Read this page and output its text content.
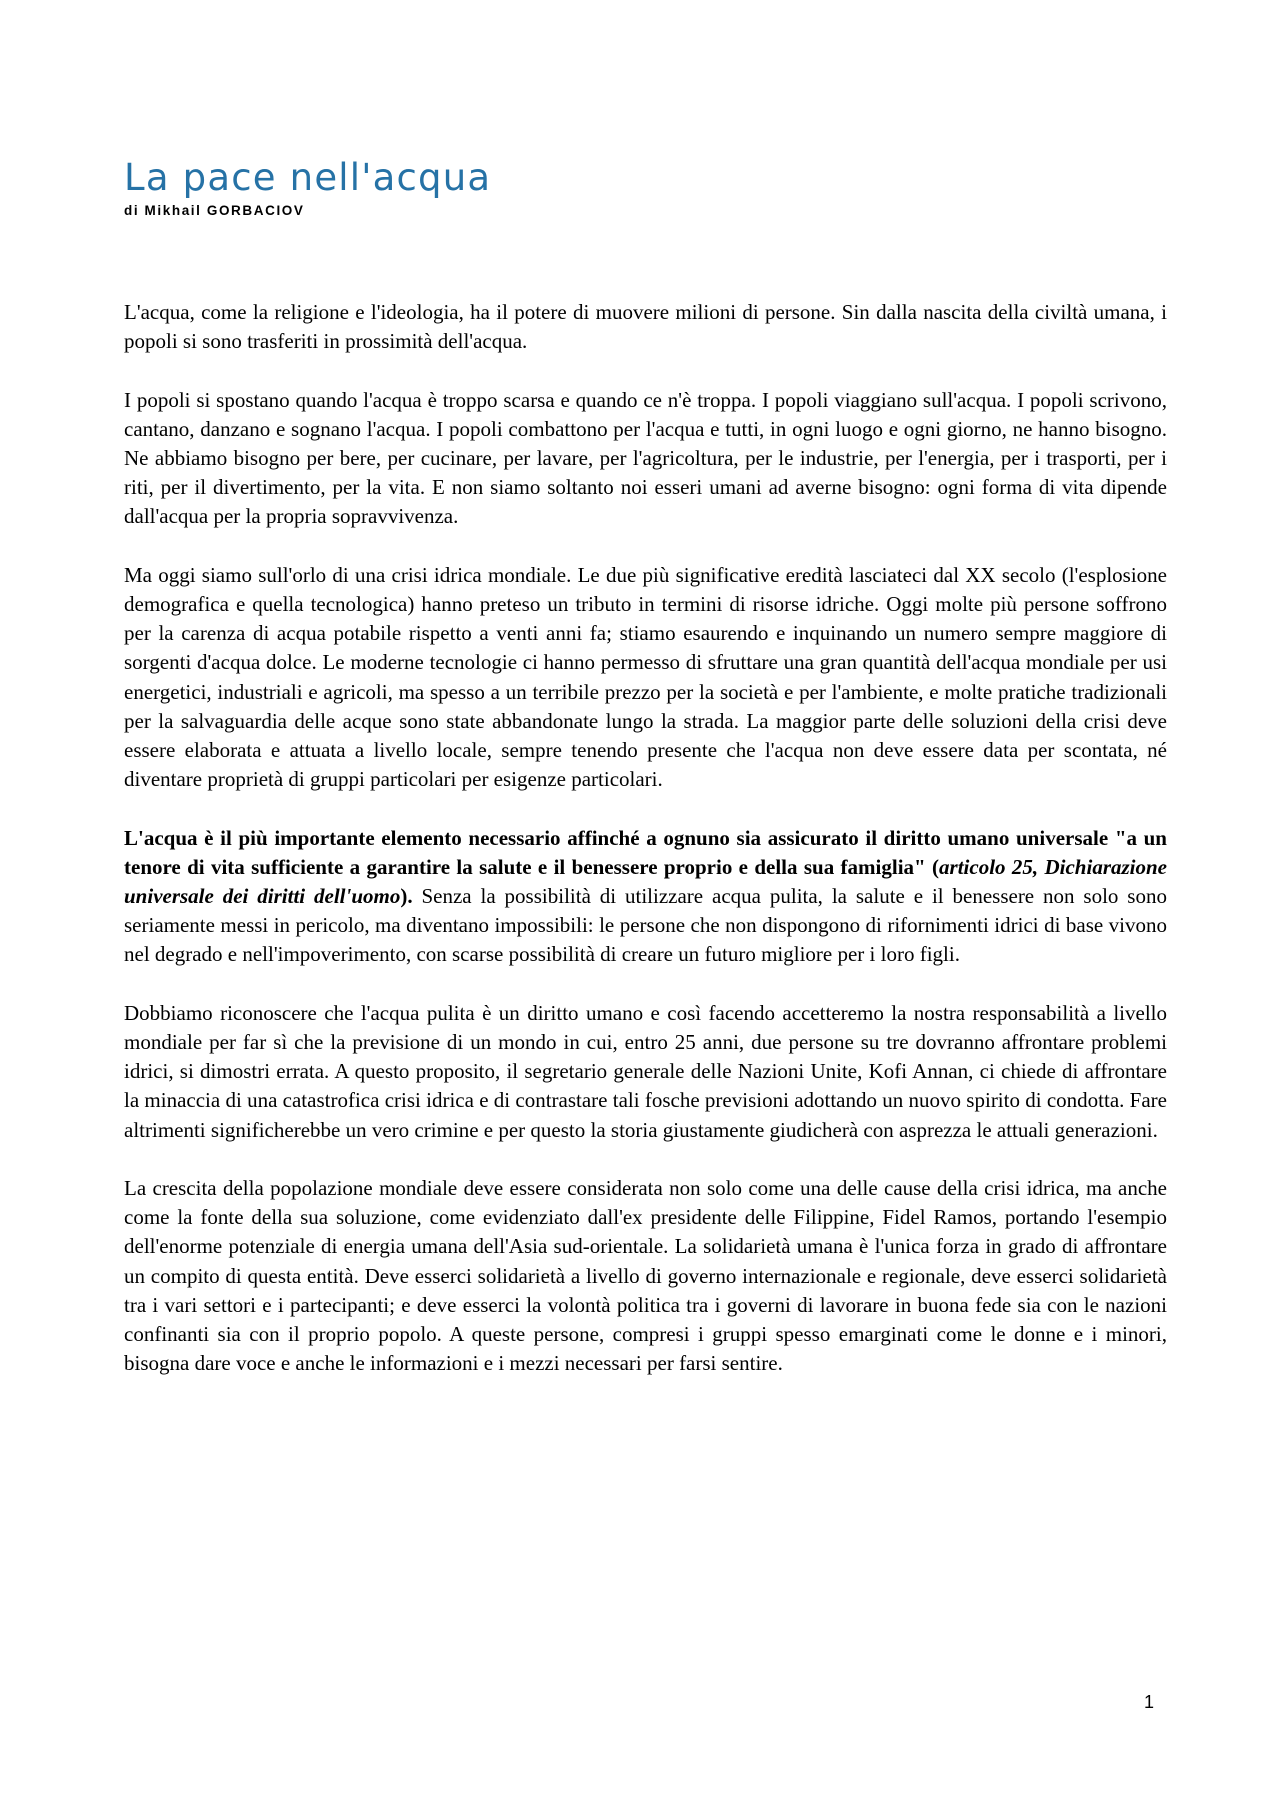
La pace nell'acqua
di Mikhail GORBACIOV

L'acqua, come la religione e l'ideologia, ha il potere di muovere milioni di persone. Sin dalla nascita della civiltà umana, i popoli si sono trasferiti in prossimità dell'acqua.

I popoli si spostano quando l'acqua è troppo scarsa e quando ce n'è troppa. I popoli viaggiano sull'acqua. I popoli scrivono, cantano, danzano e sognano l'acqua. I popoli combattono per l'acqua e tutti, in ogni luogo e ogni giorno, ne hanno bisogno. Ne abbiamo bisogno per bere, per cucinare, per lavare, per l'agricoltura, per le industrie, per l'energia, per i trasporti, per i riti, per il divertimento, per la vita. E non siamo soltanto noi esseri umani ad averne bisogno: ogni forma di vita dipende dall'acqua per la propria sopravvivenza.

Ma oggi siamo sull'orlo di una crisi idrica mondiale. Le due più significative eredità lasciateci dal XX secolo (l'esplosione demografica e quella tecnologica) hanno preteso un tributo in termini di risorse idriche. Oggi molte più persone soffrono per la carenza di acqua potabile rispetto a venti anni fa; stiamo esaurendo e inquinando un numero sempre maggiore di sorgenti d'acqua dolce. Le moderne tecnologie ci hanno permesso di sfruttare una gran quantità dell'acqua mondiale per usi energetici, industriali e agricoli, ma spesso a un terribile prezzo per la società e per l'ambiente, e molte pratiche tradizionali per la salvaguardia delle acque sono state abbandonate lungo la strada. La maggior parte delle soluzioni della crisi deve essere elaborata e attuata a livello locale, sempre tenendo presente che l'acqua non deve essere data per scontata, né diventare proprietà di gruppi particolari per esigenze particolari.

L'acqua è il più importante elemento necessario affinché a ognuno sia assicurato il diritto umano universale "a un tenore di vita sufficiente a garantire la salute e il benessere proprio e della sua famiglia" (articolo 25, Dichiarazione universale dei diritti dell'uomo). Senza la possibilità di utilizzare acqua pulita, la salute e il benessere non solo sono seriamente messi in pericolo, ma diventano impossibili: le persone che non dispongono di rifornimenti idrici di base vivono nel degrado e nell'impoverimento, con scarse possibilità di creare un futuro migliore per i loro figli.

Dobbiamo riconoscere che l'acqua pulita è un diritto umano e così facendo accetteremo la nostra responsabilità a livello mondiale per far sì che la previsione di un mondo in cui, entro 25 anni, due persone su tre dovranno affrontare problemi idrici, si dimostri errata. A questo proposito, il segretario generale delle Nazioni Unite, Kofi Annan, ci chiede di affrontare la minaccia di una catastrofica crisi idrica e di contrastare tali fosche previsioni adottando un nuovo spirito di condotta. Fare altrimenti significherebbe un vero crimine e per questo la storia giustamente giudicherà con asprezza le attuali generazioni.

La crescita della popolazione mondiale deve essere considerata non solo come una delle cause della crisi idrica, ma anche come la fonte della sua soluzione, come evidenziato dall'ex presidente delle Filippine, Fidel Ramos, portando l'esempio dell'enorme potenziale di energia umana dell'Asia sud-orientale. La solidarietà umana è l'unica forza in grado di affrontare un compito di questa entità. Deve esserci solidarietà a livello di governo internazionale e regionale, deve esserci solidarietà tra i vari settori e i partecipanti; e deve esserci la volontà politica tra i governi di lavorare in buona fede sia con le nazioni confinanti sia con il proprio popolo. A queste persone, compresi i gruppi spesso emarginati come le donne e i minori, bisogna dare voce e anche le informazioni e i mezzi necessari per farsi sentire.

1
